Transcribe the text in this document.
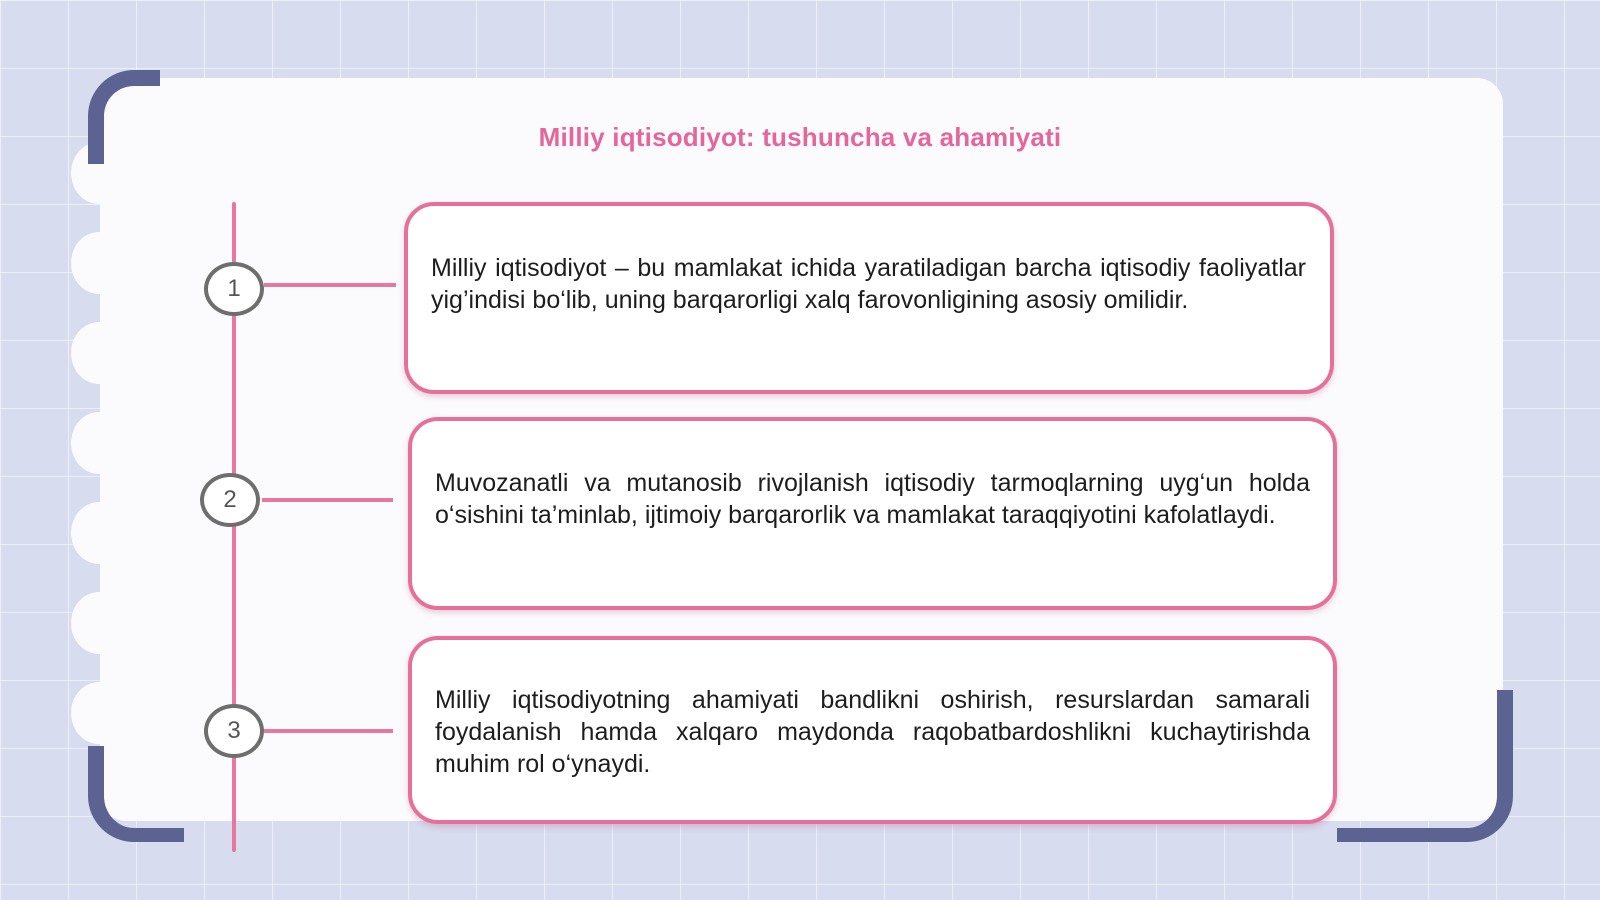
Milliy iqtisodiyot: tushuncha va ahamiyati
1

Milliy iqtisodiyot – bu mamlakat ichida yaratiladigan barcha iqtisodiy faoliyatlar yig’indisi bo‘lib, uning barqarorligi xalq farovonligining asosiy omilidir.

2

Muvozanatli va mutanosib rivojlanish iqtisodiy tarmoqlarning uyg‘un holda o‘sishini ta’minlab, ijtimoiy barqarorlik va mamlakat taraqqiyotini kafolatlaydi.

3

Milliy iqtisodiyotning ahamiyati bandlikni oshirish, resurslardan samarali foydalanish hamda xalqaro maydonda raqobatbardoshlikni kuchaytirishda muhim rol o‘ynaydi.
